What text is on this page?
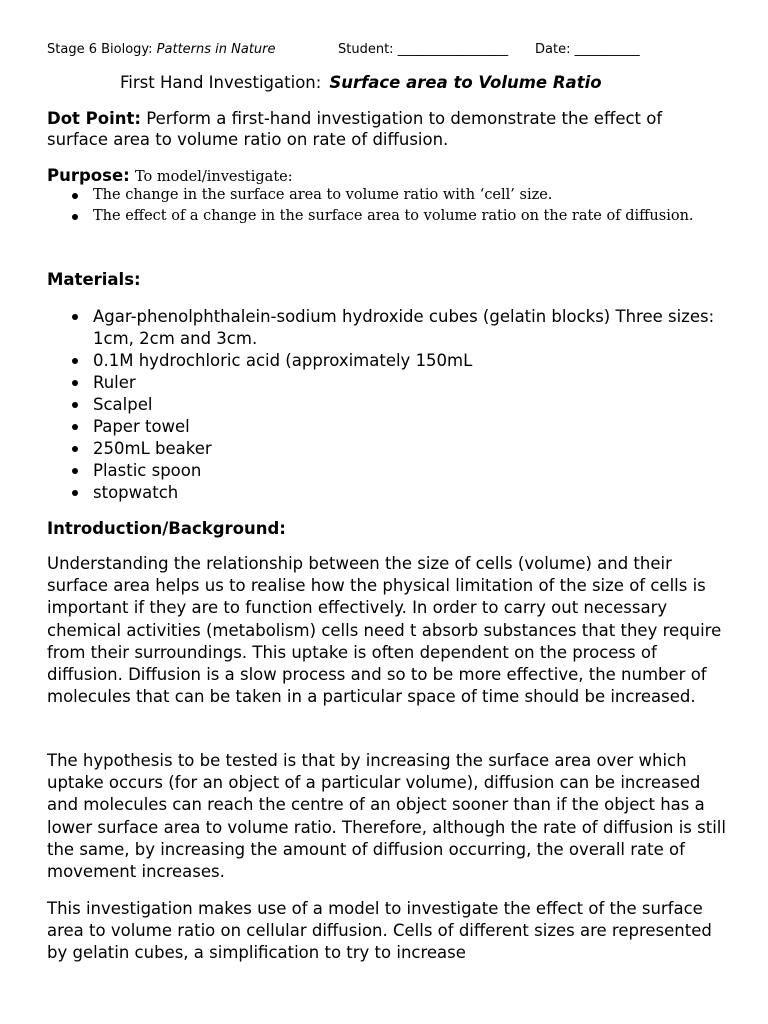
Stage 6 Biology: Patterns in Nature	Student: _________________ Date: __________
First Hand Investigation: Surface area to Volume Ratio
Dot Point: Perform a first-hand investigation to demonstrate the effect of surface area to volume ratio on rate of diffusion.
Purpose: To model/investigate:
The change in the surface area to volume ratio with ‘cell’ size.
The effect of a change in the surface area to volume ratio on the rate of diffusion.
Materials:
Agar-phenolphthalein-sodium hydroxide cubes (gelatin blocks) Three sizes: 1cm, 2cm and 3cm.
0.1M hydrochloric acid (approximately 150mL
Ruler
Scalpel
Paper towel
250mL beaker
Plastic spoon
stopwatch
Introduction/Background:

Understanding the relationship between the size of cells (volume) and their surface area helps us to realise how the physical limitation of the size of cells is important if they are to function effectively. In order to carry out necessary chemical activities (metabolism) cells need t absorb substances that they require from their surroundings. This uptake is often dependent on the process of diffusion. Diffusion is a slow process and so to be more effective, the number of molecules that can be taken in a particular space of time should be increased.

The hypothesis to be tested is that by increasing the surface area over which uptake occurs (for an object of a particular volume), diffusion can be increased and molecules can reach the centre of an object sooner than if the object has a lower surface area to volume ratio. Therefore, although the rate of diffusion is still the same, by increasing the amount of diffusion occurring, the overall rate of movement increases.

This investigation makes use of a model to investigate the effect of the surface area to volume ratio on cellular diffusion. Cells of different sizes are represented by gelatin cubes, a simplification to try to increase
